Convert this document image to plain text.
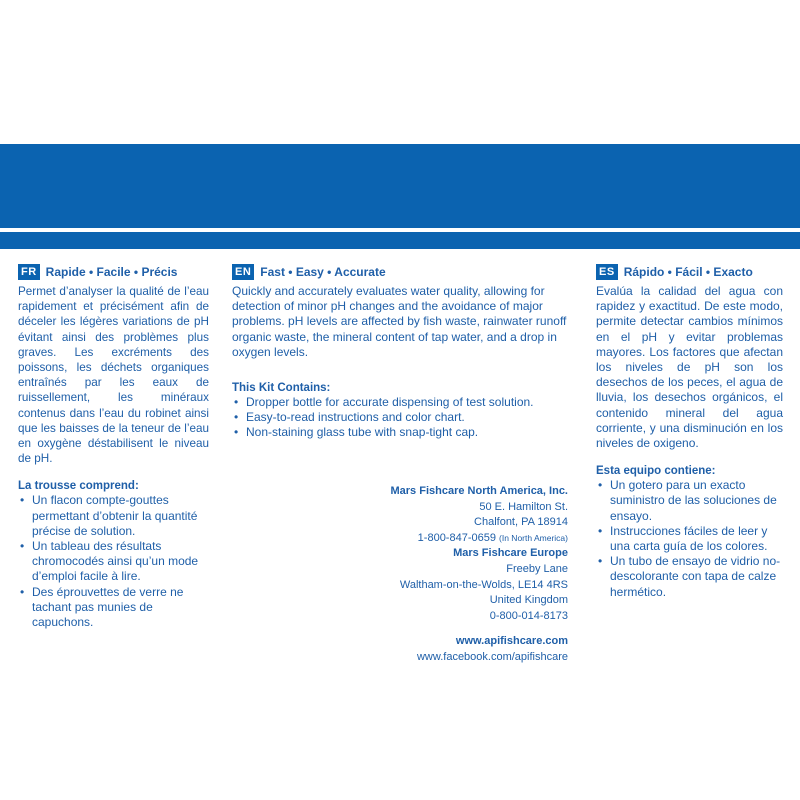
FR Rapide • Facile • Précis

Permet d’analyser la qualité de l’eau rapidement et précisément afin de déceler les légères variations de pH évitant ainsi des problèmes plus graves. Les excréments des poissons, les déchets organiques entraînés par les eaux de ruissellement, les minéraux contenus dans l’eau du robinet ainsi que les baisses de la teneur de l’eau en oxygène déstabilisent le niveau de pH.

La trousse comprend:
• Un flacon compte-gouttes permettant d’obtenir la quantité précise de solution.
• Un tableau des résultats chromocodés ainsi qu’un mode d’emploi facile à lire.
• Des éprouvettes de verre ne tachant pas munies de capuchons.
EN Fast • Easy • Accurate

Quickly and accurately evaluates water quality, allowing for detection of minor pH changes and the avoidance of major problems. pH levels are affected by fish waste, rainwater runoff organic waste, the mineral content of tap water, and a drop in oxygen levels.

This Kit Contains:
• Dropper bottle for accurate dispensing of test solution.
• Easy-to-read instructions and color chart.
• Non-staining glass tube with snap-tight cap.
ES Rápido • Fácil • Exacto

Evalúa la calidad del agua con rapidez y exactitud. De este modo, permite detectar cambios mínimos en el pH y evitar problemas mayores. Los factores que afectan los niveles de pH son los desechos de los peces, el agua de lluvia, los desechos orgánicos, el contenido mineral del agua corriente, y una disminución en los niveles de oxigeno.

Esta equipo contiene:
• Un gotero para un exacto suministro de las soluciones de ensayo.
• Instrucciones fáciles de leer y una carta guía de los colores.
• Un tubo de ensayo de vidrio no-descolorante con tapa de calze hermético.
Mars Fishcare North America, Inc.
50 E. Hamilton St.
Chalfont, PA 18914
1-800-847-0659 (In North America)
Mars Fishcare Europe
Freeby Lane
Waltham-on-the-Wolds, LE14 4RS
United Kingdom
0-800-014-8173
www.apifishcare.com
www.facebook.com/apifishcare
